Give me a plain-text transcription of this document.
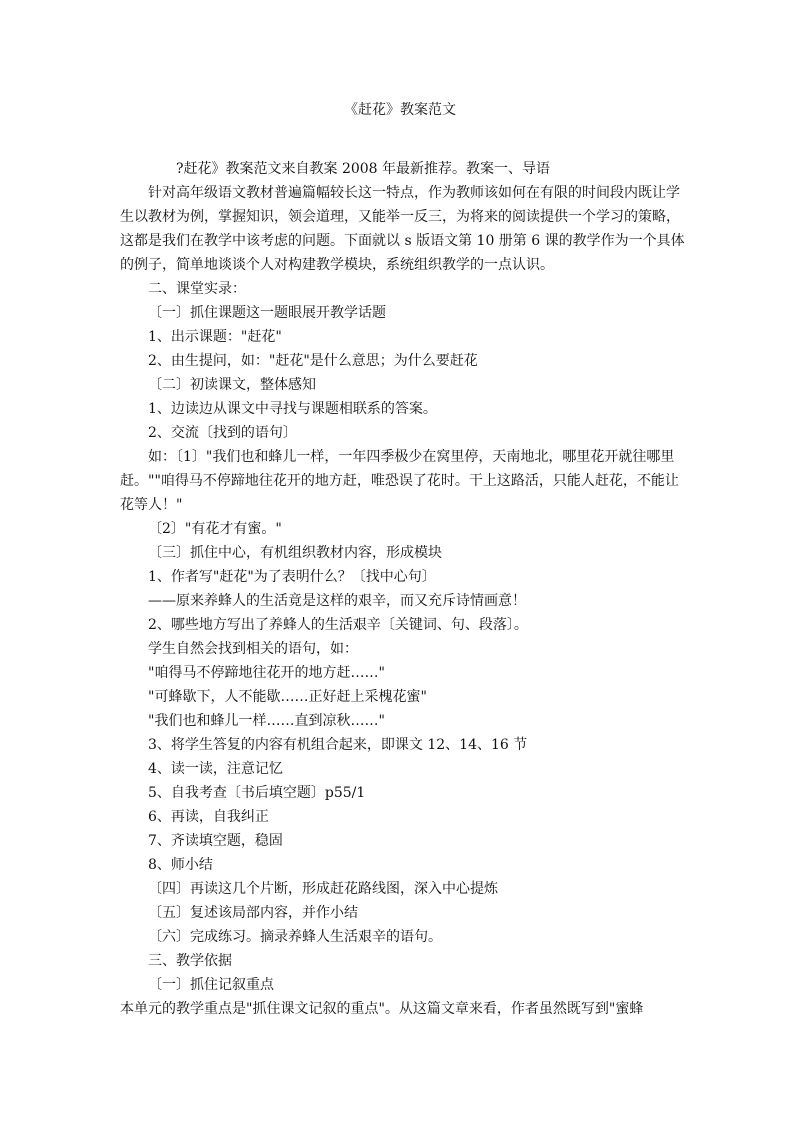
《赶花》教案范文

?赶花》教案范文来自教案 2008 年最新推荐。教案一、导语

针对高年级语文教材普遍篇幅较长这一特点，作为教师该如何在有限的时间段内既让学

生以教材为例，掌握知识，领会道理，又能举一反三，为将来的阅读提供一个学习的策略，

这都是我们在教学中该考虑的问题。下面就以 s 版语文第 10 册第 6 课的教学作为一个具体

的例子，简单地谈谈个人对构建教学模块，系统组织教学的一点认识。

二、课堂实录：

〔一〕抓住课题这一题眼展开教学话题

1、出示课题："赶花"

2、由生提问，如："赶花"是什么意思；为什么要赶花

〔二〕初读课文，整体感知

1、边读边从课文中寻找与课题相联系的答案。

2、交流〔找到的语句〕

如：〔1〕"我们也和蜂儿一样，一年四季极少在窝里停，天南地北，哪里花开就往哪里

赶。""咱得马不停蹄地往花开的地方赶，唯恐误了花时。干上这路活，只能人赶花，不能让

花等人！"

〔2〕"有花才有蜜。"

〔三〕抓住中心，有机组织教材内容，形成模块

1、作者写"赶花"为了表明什么？〔找中心句〕

——原来养蜂人的生活竟是这样的艰辛，而又充斥诗情画意！

2、哪些地方写出了养蜂人的生活艰辛〔关键词、句、段落〕。

学生自然会找到相关的语句，如：

"咱得马不停蹄地往花开的地方赶……"

"可蜂歇下，人不能歇……正好赶上采槐花蜜"

"我们也和蜂儿一样……直到凉秋……"

3、将学生答复的内容有机组合起来，即课文 12、14、16 节

4、读一读，注意记忆

5、自我考查〔书后填空题〕p55/1

6、再读，自我纠正

7、齐读填空题，稳固

8、师小结

〔四〕再读这几个片断，形成赶花路线图，深入中心提炼

〔五〕复述该局部内容，并作小结

〔六〕完成练习。摘录养蜂人生活艰辛的语句。

三、教学依据

〔一〕抓住记叙重点

本单元的教学重点是"抓住课文记叙的重点"。从这篇文章来看，作者虽然既写到"蜜蜂
